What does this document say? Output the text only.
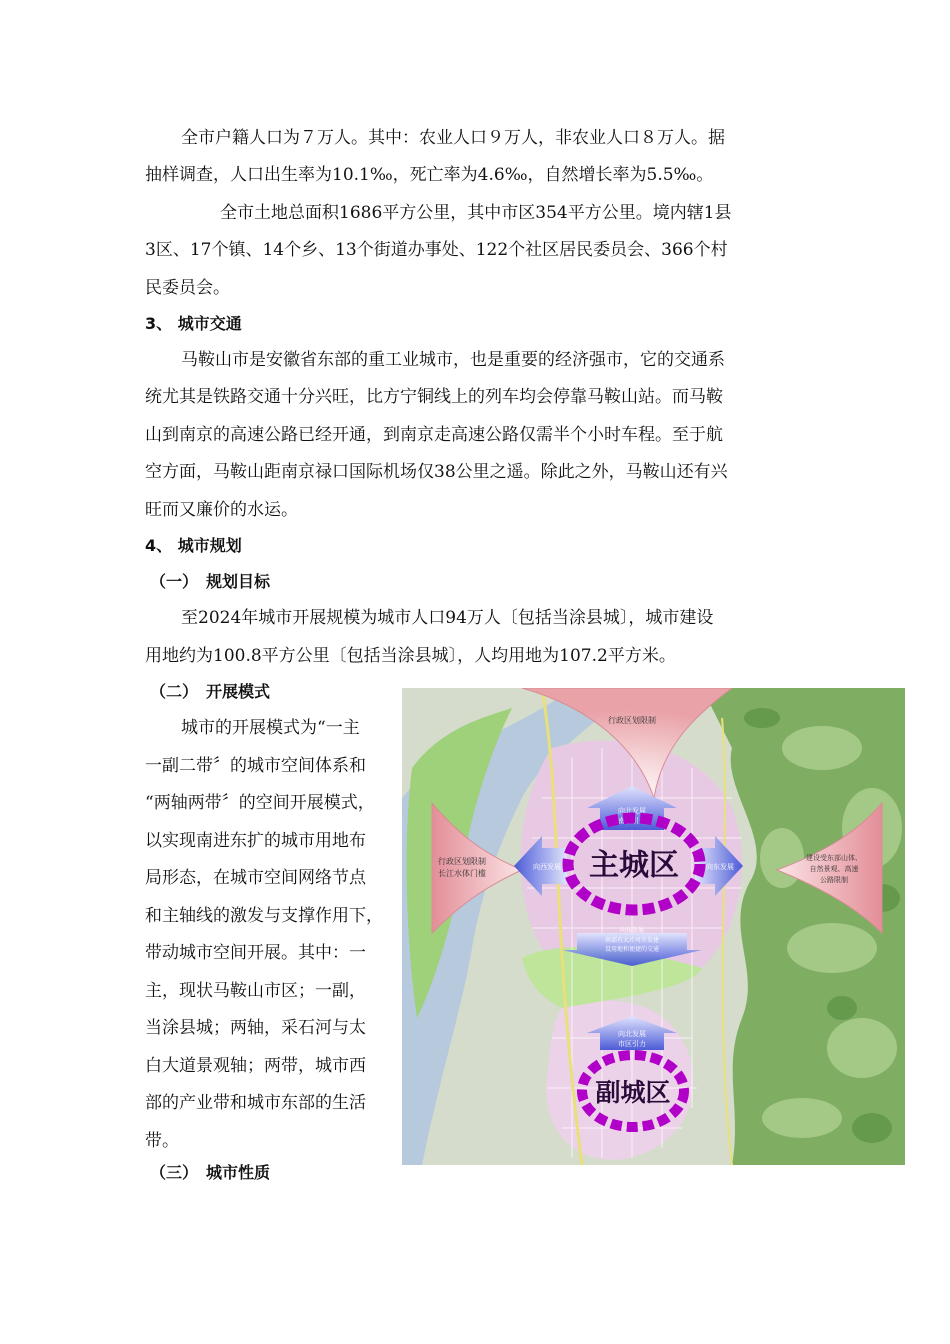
全市户籍人口为７万人。其中：农业人口９万人，非农业人口８万人。据
抽样调查，人口出生率为10.1‰，死亡率为4.6‰，自然增长率为5.5‰。
全市土地总面积1686平方公里，其中市区354平方公里。境内辖1县
3区、17个镇、14个乡、13个街道办事处、122个社区居民委员会、366个村
民委员会。
3、 城市交通
马鞍山市是安徽省东部的重工业城市，也是重要的经济强市，它的交通系
统尤其是铁路交通十分兴旺，比方宁铜线上的列车均会停靠马鞍山站。而马鞍
山到南京的高速公路已经开通，到南京走高速公路仅需半个小时车程。至于航
空方面，马鞍山距南京禄口国际机场仅38公里之遥。除此之外，马鞍山还有兴
旺而又廉价的水运。
4、 城市规划
（一）　规划目标
至2024年城市开展规模为城市人口94万人〔包括当涂县城〕，城市建设
用地约为100.8平方公里〔包括当涂县城〕，人均用地为107.2平方米。
（二）　开展模式
城市的开展模式为“一主
一副二带〞的城市空间体系和
“两轴两带〞的空间开展模式，
以实现南进东扩的城市用地布
局形态，在城市空间网络节点
和主轴线的激发与支撑作用下，
带动城市空间开展。其中：一
主，现状马鞍山市区；一副，
当涂县城；两轴，采石河与太
白大道景观轴；两带，城市西
部的产业带和城市东部的生活
带。
（三）　城市性质
行政区划限制
行政区划限制
长江水体门槛
建设受东部山体、
自然景观、高速
公路限制
向北发展
南京引力
向西发展	向东发展
向东发展
南部有大片可开发建
设用地和便捷的交通
向北发展
市区引力
主城区
副城区
